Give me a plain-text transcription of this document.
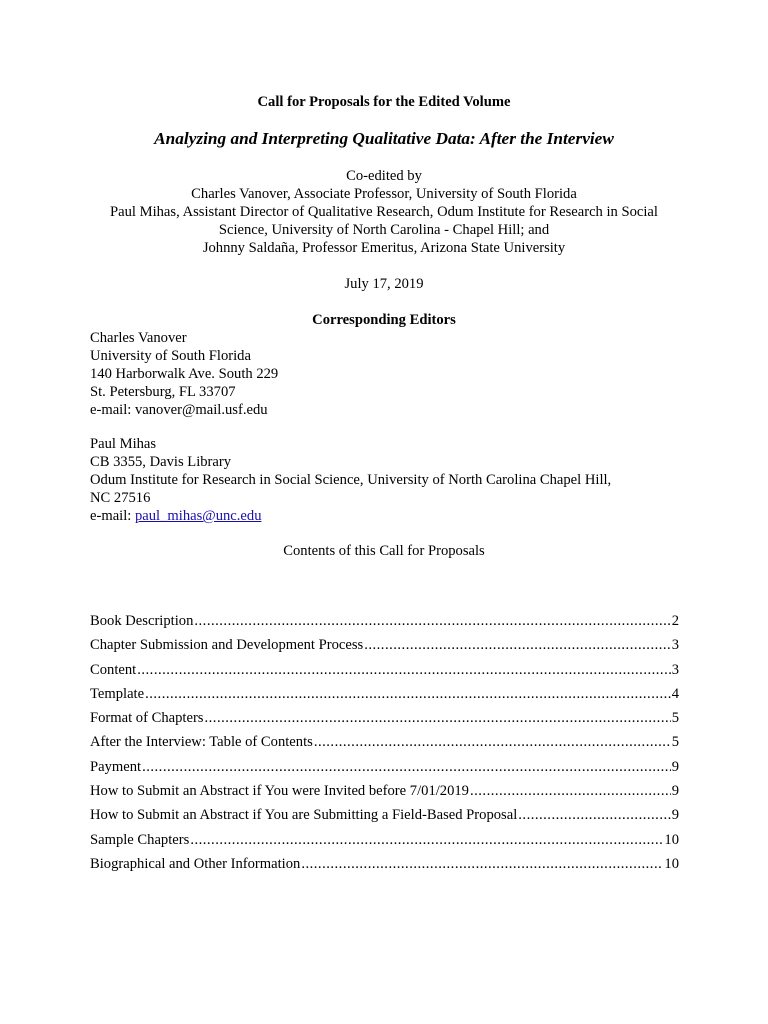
Call for Proposals for the Edited Volume
Analyzing and Interpreting Qualitative Data: After the Interview
Co-edited by
Charles Vanover, Associate Professor, University of South Florida
Paul Mihas, Assistant Director of Qualitative Research, Odum Institute for Research in Social
Science, University of North Carolina - Chapel Hill; and
Johnny Saldaña, Professor Emeritus, Arizona State University
July 17, 2019
Corresponding Editors
Charles Vanover
University of South Florida
140 Harborwalk Ave. South 229
St. Petersburg, FL 33707
e-mail: vanover@mail.usf.edu
Paul Mihas
CB 3355, Davis Library
Odum Institute for Research in Social Science, University of North Carolina Chapel Hill,
NC 27516
e-mail: paul_mihas@unc.edu
Contents of this Call for Proposals
Book Description .....	2
Chapter Submission and Development Process .....	3
Content .....	3
Template .....	4
Format of Chapters .....	5
After the Interview: Table of Contents .....	5
Payment .....	9
How to Submit an Abstract if You were Invited before 7/01/2019 .....	9
How to Submit an Abstract if You are Submitting a Field-Based Proposal .....	9
Sample Chapters .....	10
Biographical and Other Information .....	10
